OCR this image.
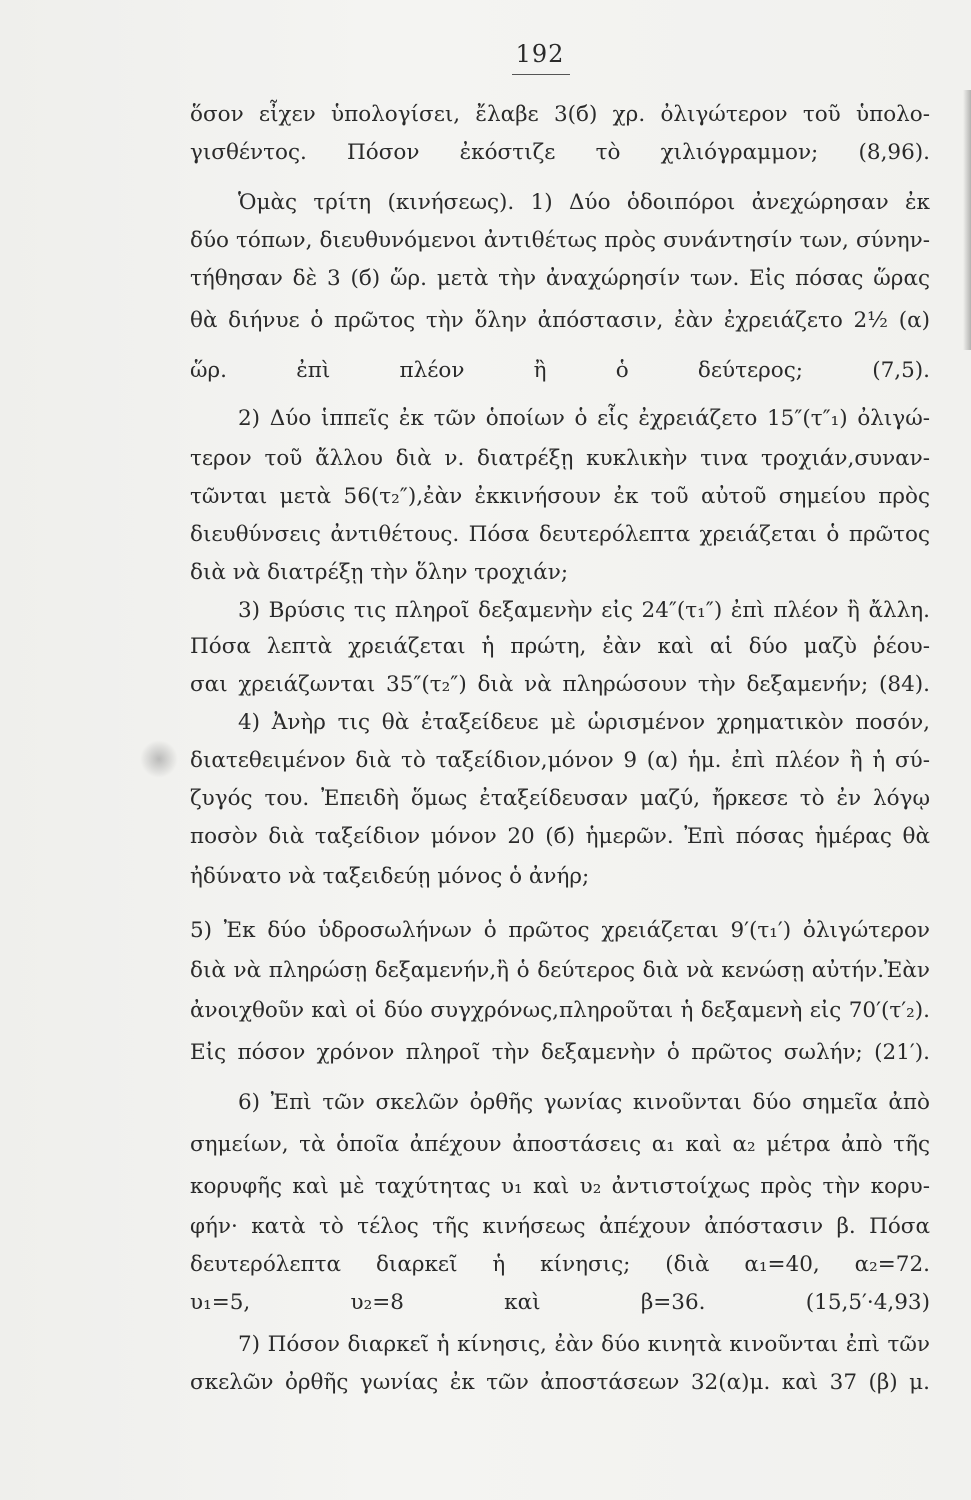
192
ὅσον εἶχεν ὑπολογίσει, ἔλαβε 3(б) χρ. ὀλιγώτερον τοῦ ὑπολο-
γισθέντος. Πόσον ἐκόστιζε τὸ χιλιόγραμμον; (8,96).
Ὁμὰς τρίτη (κινήσεως). 1) Δύο ὁδοιπόροι ἀνεχώρησαν ἐκ
δύο τόπων, διευθυνόμενοι ἀντιθέτως πρὸς συνάντησίν των, σύνην-
τήθησαν δὲ 3 (б) ὥρ. μετὰ τὴν ἀναχώρησίν των. Εἰς πόσας ὥρας
θὰ διήνυε ὁ πρῶτος τὴν ὅλην ἀπόστασιν, ἐὰν ἐχρειάζετο 2½ (α)
ὥρ. ἐπὶ πλέον ἢ ὁ δεύτερος; (7,5).
2) Δύο ἱππεῖς ἐκ τῶν ὁποίων ὁ εἷς ἐχρειάζετο 15″(τ″₁) ὀλιγώ-
τερον τοῦ ἄλλου διὰ ν. διατρέξῃ κυκλικὴν τινα τροχιάν,συναν-
τῶνται μετὰ 56(τ₂″),ἐὰν ἐκκινήσουν ἐκ τοῦ αὐτοῦ σημείου πρὸς
διευθύνσεις ἀντιθέτους. Πόσα δευτερόλεπτα χρειάζεται ὁ πρῶτος
διὰ νὰ διατρέξῃ τὴν ὅλην τροχιάν;
3) Βρύσις τις πληροῖ δεξαμενὴν εἰς 24″(τ₁″) ἐπὶ πλέον ἢ ἄλλη.
Πόσα λεπτὰ χρειάζεται ἡ πρώτη, ἐὰν καὶ αἱ δύο μαζὺ ῥέου-
σαι χρειάζωνται 35″(τ₂″) διὰ νὰ πληρώσουν τὴν δεξαμενήν; (84).
4) Ἀνὴρ τις θὰ ἐταξείδευε μὲ ὡρισμένον χρηματικὸν ποσόν,
διατεθειμένον διὰ τὸ ταξείδιον,μόνον 9 (α) ἡμ. ἐπὶ πλέον ἢ ἡ σύ-
ζυγός του. Ἐπειδὴ ὅμως ἐταξείδευσαν μαζύ, ἤρκεσε τὸ ἐν λόγῳ
ποσὸν διὰ ταξείδιον μόνον 20 (б) ἡμερῶν. Ἐπὶ πόσας ἡμέρας θὰ
ἠδύνατο νὰ ταξειδεύῃ μόνος ὁ ἀνήρ;
5) Ἐκ δύο ὑδροσωλήνων ὁ πρῶτος χρειάζεται 9′(τ₁′) ὀλιγώτερον
διὰ νὰ πληρώσῃ δεξαμενήν,ἢ ὁ δεύτερος διὰ νὰ κενώσῃ αὐτήν.Ἐὰν
ἀνοιχθοῦν καὶ οἱ δύο συγχρόνως,πληροῦται ἡ δεξαμενὴ εἰς 70′(τ′₂).
Εἰς πόσον χρόνον πληροῖ τὴν δεξαμενὴν ὁ πρῶτος σωλήν; (21′).
6) Ἐπὶ τῶν σκελῶν ὀρθῆς γωνίας κινοῦνται δύο σημεῖα ἀπὸ
σημείων, τὰ ὁποῖα ἀπέχουν ἀποστάσεις α₁ καὶ α₂ μέτρα ἀπὸ τῆς
κορυφῆς καὶ μὲ ταχύτητας υ₁ καὶ υ₂ ἀντιστοίχως πρὸς τὴν κορυ-
φήν· κατὰ τὸ τέλος τῆς κινήσεως ἀπέχουν ἀπόστασιν β. Πόσα
δευτερόλεπτα διαρκεῖ ἡ κίνησις; (διὰ α₁=40, α₂=72.
υ₁=5, υ₂=8 καὶ β=36. (15,5′·4,93)
7) Πόσον διαρκεῖ ἡ κίνησις, ἐὰν δύο κινητὰ κινοῦνται ἐπὶ τῶν
σκελῶν ὀρθῆς γωνίας ἐκ τῶν ἀποστάσεων 32(α)μ. καὶ 37 (β) μ.
